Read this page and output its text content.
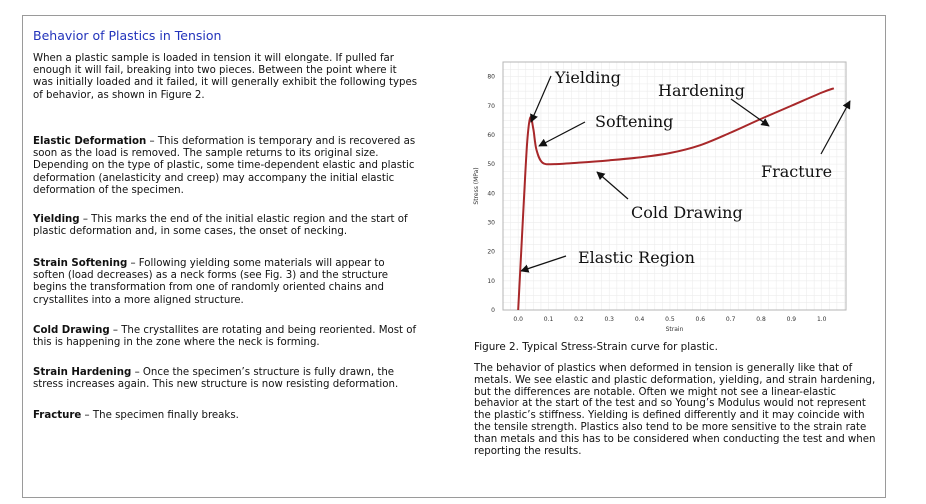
Behavior of Plastics in Tension
When a plastic sample is loaded in tension it will elongate. If pulled far enough it will fail, breaking into two pieces. Between the point where it was initially loaded and it failed, it will generally exhibit the following types of behavior, as shown in Figure 2.
Elastic Deformation – This deformation is temporary and is recovered as soon as the load is removed. The sample returns to its original size. Depending on the type of plastic, some time-dependent elastic and plastic deformation (anelasticity and creep) may accompany the initial elastic deformation of the specimen.
Yielding – This marks the end of the initial elastic region and the start of plastic deformation and, in some cases, the onset of necking.
Strain Softening – Following yielding some materials will appear to soften (load decreases) as a neck forms (see Fig. 3) and the structure begins the transformation from one of randomly oriented chains and crystallites into a more aligned structure.
Cold Drawing – The crystallites are rotating and being reoriented. Most of this is happening in the zone where the neck is forming.
Strain Hardening – Once the specimen’s structure is fully drawn, the stress increases again. This new structure is now resisting deformation.
Fracture – The specimen finally breaks.
0.0	0.1	0.2	0.3	0.4	0.5	0.6	0.7	0.8	0.9	1.0
0
10
20
30
40
50
60
70
80
Strain
Stress (MPa)
Yielding
Hardening
Softening
Fracture
Cold Drawing
Elastic Region
Figure 2. Typical Stress-Strain curve for plastic.
The behavior of plastics when deformed in tension is generally like that of metals. We see elastic and plastic deformation, yielding, and strain hardening, but the differences are notable. Often we might not see a linear-elastic behavior at the start of the test and so Young’s Modulus would not represent the plastic’s stiffness. Yielding is defined differently and it may coincide with the tensile strength. Plastics also tend to be more sensitive to the strain rate than metals and this has to be considered when conducting the test and when reporting the results.
